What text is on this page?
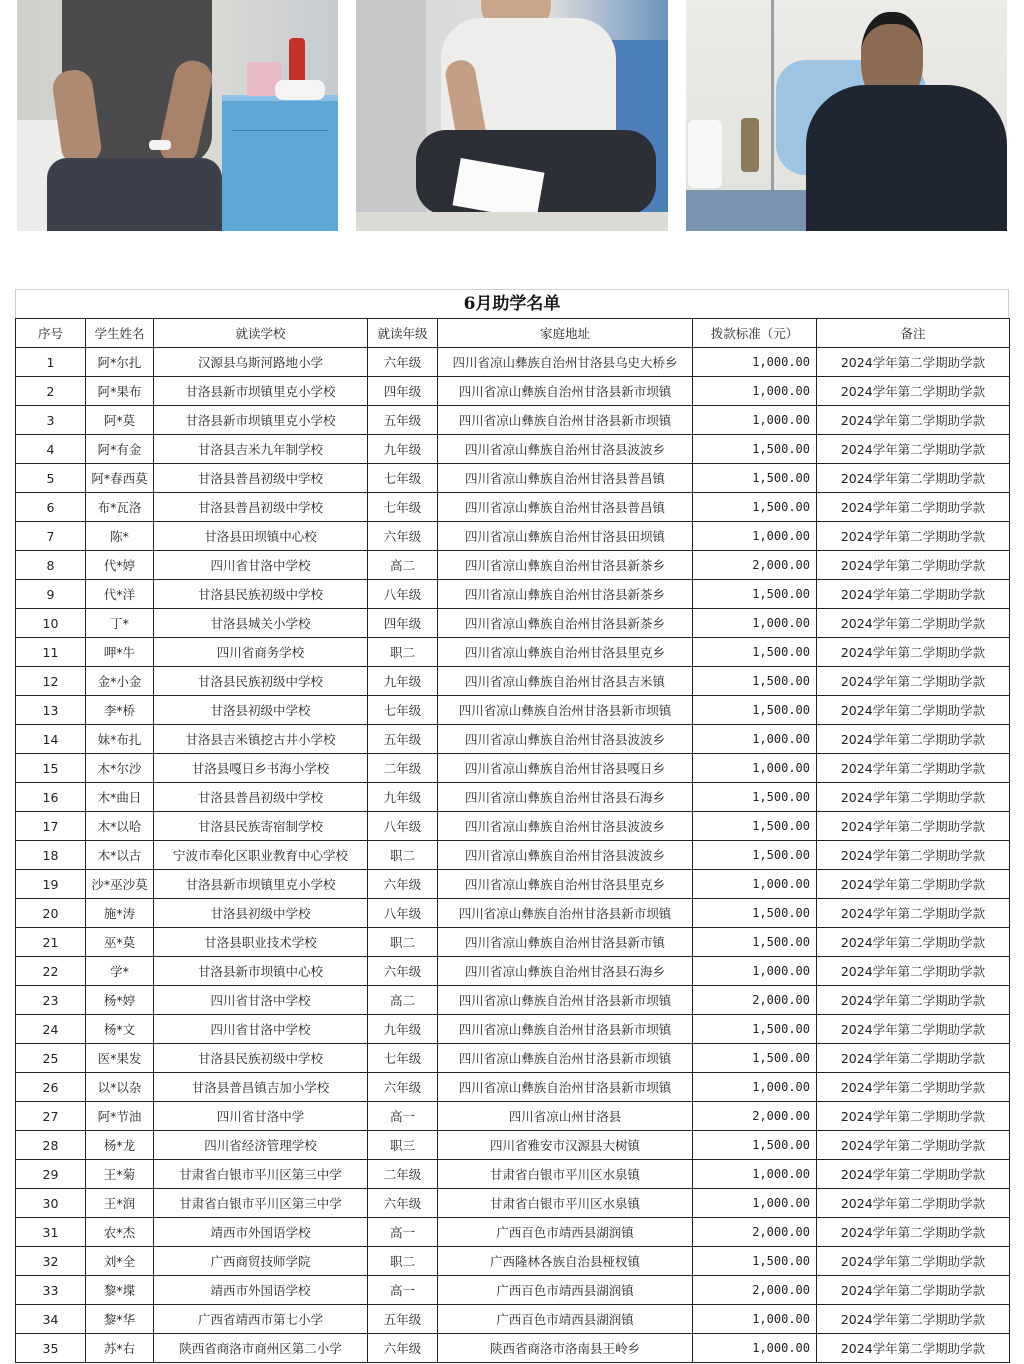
6月助学名单
序号	学生姓名	就读学校	就读年级	家庭地址	拨款标准（元）	备注
1	阿*尔扎	汉源县乌斯河路地小学	六年级	四川省凉山彝族自治州甘洛县乌史大桥乡	1,000.00	2024学年第二学期助学款
2	阿*果布	甘洛县新市坝镇里克小学校	四年级	四川省凉山彝族自治州甘洛县新市坝镇	1,000.00	2024学年第二学期助学款
3	阿*莫	甘洛县新市坝镇里克小学校	五年级	四川省凉山彝族自治州甘洛县新市坝镇	1,000.00	2024学年第二学期助学款
4	阿*有金	甘洛县吉米九年制学校	九年级	四川省凉山彝族自治州甘洛县波波乡	1,500.00	2024学年第二学期助学款
5	阿*春西莫	甘洛县普昌初级中学校	七年级	四川省凉山彝族自治州甘洛县普昌镇	1,500.00	2024学年第二学期助学款
6	布*瓦洛	甘洛县普昌初级中学校	七年级	四川省凉山彝族自治州甘洛县普昌镇	1,500.00	2024学年第二学期助学款
7	陈*	甘洛县田坝镇中心校	六年级	四川省凉山彝族自治州甘洛县田坝镇	1,000.00	2024学年第二学期助学款
8	代*婷	四川省甘洛中学校	高二	四川省凉山彝族自治州甘洛县新茶乡	2,000.00	2024学年第二学期助学款
9	代*洋	甘洛县民族初级中学校	八年级	四川省凉山彝族自治州甘洛县新茶乡	1,500.00	2024学年第二学期助学款
10	丁*	甘洛县城关小学校	四年级	四川省凉山彝族自治州甘洛县新茶乡	1,000.00	2024学年第二学期助学款
11	呷*牛	四川省商务学校	职二	四川省凉山彝族自治州甘洛县里克乡	1,500.00	2024学年第二学期助学款
12	金*小金	甘洛县民族初级中学校	九年级	四川省凉山彝族自治州甘洛县吉米镇	1,500.00	2024学年第二学期助学款
13	李*桥	甘洛县初级中学校	七年级	四川省凉山彝族自治州甘洛县新市坝镇	1,500.00	2024学年第二学期助学款
14	妹*布扎	甘洛县吉米镇挖古井小学校	五年级	四川省凉山彝族自治州甘洛县波波乡	1,000.00	2024学年第二学期助学款
15	木*尔沙	甘洛县嘎日乡书海小学校	二年级	四川省凉山彝族自治州甘洛县嘎日乡	1,000.00	2024学年第二学期助学款
16	木*曲日	甘洛县普昌初级中学校	九年级	四川省凉山彝族自治州甘洛县石海乡	1,500.00	2024学年第二学期助学款
17	木*以哈	甘洛县民族寄宿制学校	八年级	四川省凉山彝族自治州甘洛县波波乡	1,500.00	2024学年第二学期助学款
18	木*以古	宁波市奉化区职业教育中心学校	职二	四川省凉山彝族自治州甘洛县波波乡	1,500.00	2024学年第二学期助学款
19	沙*巫沙莫	甘洛县新市坝镇里克小学校	六年级	四川省凉山彝族自治州甘洛县里克乡	1,000.00	2024学年第二学期助学款
20	施*涛	甘洛县初级中学校	八年级	四川省凉山彝族自治州甘洛县新市坝镇	1,500.00	2024学年第二学期助学款
21	巫*莫	甘洛县职业技术学校	职二	四川省凉山彝族自治州甘洛县新市镇	1,500.00	2024学年第二学期助学款
22	学*	甘洛县新市坝镇中心校	六年级	四川省凉山彝族自治州甘洛县石海乡	1,000.00	2024学年第二学期助学款
23	杨*婷	四川省甘洛中学校	高二	四川省凉山彝族自治州甘洛县新市坝镇	2,000.00	2024学年第二学期助学款
24	杨*文	四川省甘洛中学校	九年级	四川省凉山彝族自治州甘洛县新市坝镇	1,500.00	2024学年第二学期助学款
25	医*果发	甘洛县民族初级中学校	七年级	四川省凉山彝族自治州甘洛县新市坝镇	1,500.00	2024学年第二学期助学款
26	以*以杂	甘洛县普昌镇吉加小学校	六年级	四川省凉山彝族自治州甘洛县新市坝镇	1,000.00	2024学年第二学期助学款
27	阿*节油	四川省甘洛中学	高一	四川省凉山州甘洛县	2,000.00	2024学年第二学期助学款
28	杨*龙	四川省经济管理学校	职三	四川省雅安市汉源县大树镇	1,500.00	2024学年第二学期助学款
29	王*菊	甘肃省白银市平川区第三中学	二年级	甘肃省白银市平川区水泉镇	1,000.00	2024学年第二学期助学款
30	王*润	甘肃省白银市平川区第三中学	六年级	甘肃省白银市平川区水泉镇	1,000.00	2024学年第二学期助学款
31	农*杰	靖西市外国语学校	高一	广西百色市靖西县湖润镇	2,000.00	2024学年第二学期助学款
32	刘*全	广西商贸技师学院	职二	广西隆林各族自治县桠杈镇	1,500.00	2024学年第二学期助学款
33	黎*堞	靖西市外国语学校	高一	广西百色市靖西县湖润镇	2,000.00	2024学年第二学期助学款
34	黎*华	广西省靖西市第七小学	五年级	广西百色市靖西县湖润镇	1,000.00	2024学年第二学期助学款
35	苏*右	陕西省商洛市商州区第二小学	六年级	陕西省商洛市洛南县王岭乡	1,000.00	2024学年第二学期助学款
